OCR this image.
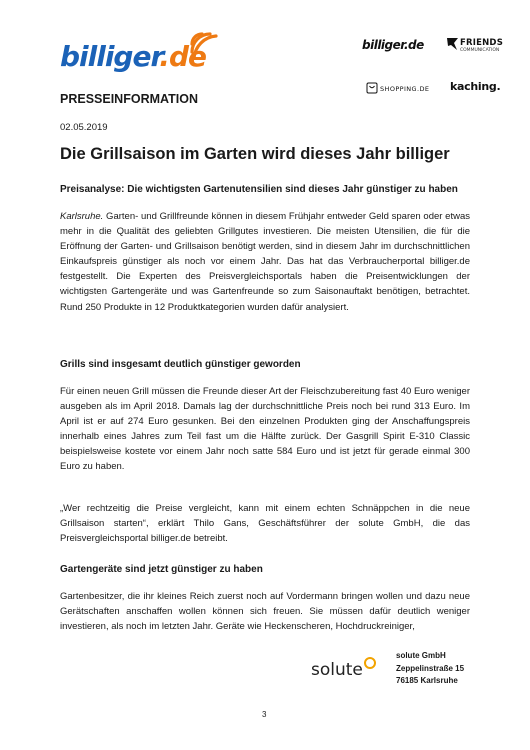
billiger.de	billiger.de	FRIENDS
COMMUNICATION
SHOPPING.DE kaching.
PRESSEINFORMATION
02.05.2019
Die Grillsaison im Garten wird dieses Jahr billiger
Preisanalyse: Die wichtigsten Gartenutensilien sind dieses Jahr günstiger zu haben

Karlsruhe. Garten- und Grillfreunde können in diesem Frühjahr entweder Geld sparen oder etwas mehr in die Qualität des geliebten Grillgutes investieren. Die meisten Utensilien, die für die Eröffnung der Garten- und Grillsaison benötigt werden, sind in diesem Jahr im durchschnittlichen Einkaufspreis günstiger als noch vor einem Jahr. Das hat das Verbraucherportal billiger.de festgestellt. Die Experten des Preisvergleichsportals haben die Preisentwicklungen der wichtigsten Gartengeräte und was Gartenfreunde so zum Saisonauftakt benötigen, betrachtet. Rund 250 Produkte in 12 Produktkategorien wurden dafür analysiert.

Grills sind insgesamt deutlich günstiger geworden

Für einen neuen Grill müssen die Freunde dieser Art der Fleischzubereitung fast 40 Euro weniger ausgeben als im April 2018. Damals lag der durchschnittliche Preis noch bei rund 313 Euro. Im April ist er auf 274 Euro gesunken. Bei den einzelnen Produkten ging der Anschaffungspreis innerhalb eines Jahres zum Teil fast um die Hälfte zurück. Der Gasgrill Spirit E-310 Classic beispielsweise kostete vor einem Jahr noch satte 584 Euro und ist jetzt für gerade einmal 300 Euro zu haben.

„Wer rechtzeitig die Preise vergleicht, kann mit einem echten Schnäppchen in die neue Grillsaison starten“, erklärt Thilo Gans, Geschäftsführer der solute GmbH, die das Preisvergleichsportal billiger.de betreibt.

Gartengeräte sind jetzt günstiger zu haben

Gartenbesitzer, die ihr kleines Reich zuerst noch auf Vordermann bringen wollen und dazu neue Gerätschaften anschaffen wollen können sich freuen. Sie müssen dafür deutlich weniger investieren, als noch im letzten Jahr. Geräte wie Heckenscheren, Hochdruckreiniger,

solute
solute GmbH
Zeppelinstraße 15
76185 Karlsruhe
3
